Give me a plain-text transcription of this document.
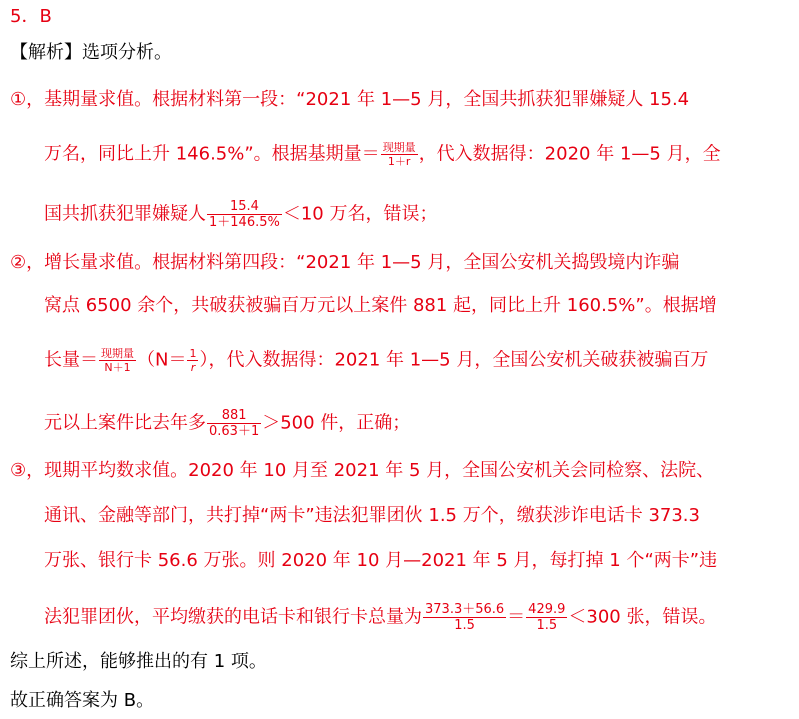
5．B
【解析】选项分析。
①，基期量求值。根据材料第一段：“2021 年 1—5 月，全国共抓获犯罪嫌疑人 15.4
万名，同比上升 146.5%”。根据基期量＝ $\frac{\text{现期量}}{1+r}$ ，代入数据得：2020 年 1—5 月，全
国共抓获犯罪嫌疑人 $\frac{15.4}{1+146.5\%} <10$ 万名，错误；
②，增长量求值。根据材料第四段：“2021 年 1—5 月，全国公安机关捣毁境内诈骗
窝点 6500 余个，共破获被骗百万元以上案件 881 起，同比上升 160.5%”。根据增
长量＝ $\frac{\text{现期量}}{N+1} (N= \frac{1}{r}$ ），代入数据得：2021 年 1—5 月，全国公安机关破获被骗百万
元以上案件比去年多 $\frac{881}{0.63+1} >500$ 件，正确；
③，现期平均数求值。2020 年 10 月至 2021 年 5 月，全国公安机关会同检察、法院、
通讯、金融等部门，共打掉“两卡”违法犯罪团伙 1.5 万个，缴获涉诈电话卡 373.3
万张、银行卡 56.6 万张。则 2020 年 10 月—2021 年 5 月，每打掉 1 个“两卡”违
法犯罪团伙，平均缴获的电话卡和银行卡总量为 $\frac{373.3+56.6}{1.5} = \frac{429.9}{1.5} <300$ 张，错误。
综上所述，能够推出的有 1 项。
故正确答案为 B。
